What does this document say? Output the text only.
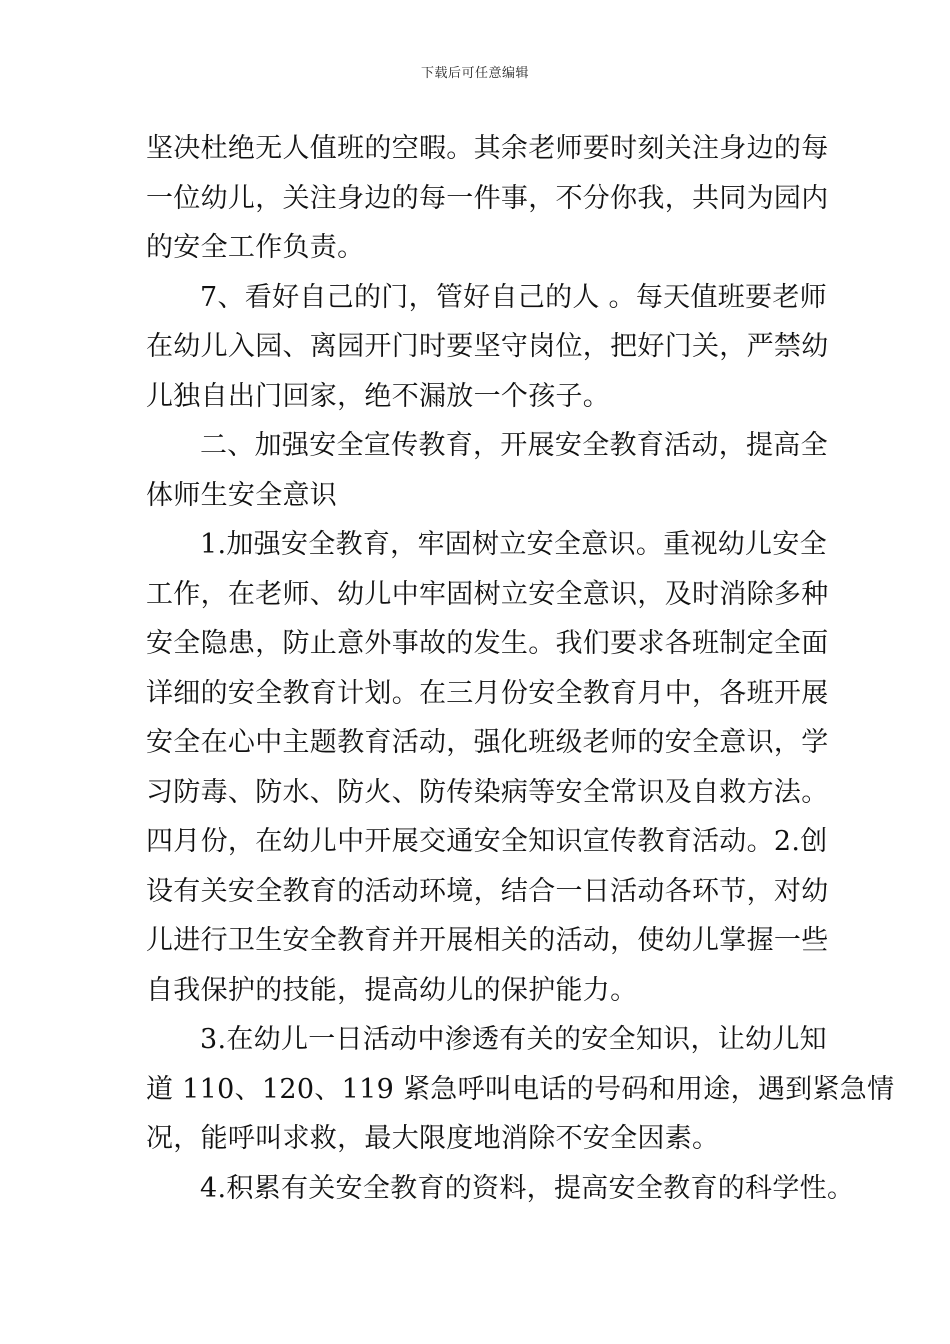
下载后可任意编辑
坚决杜绝无人值班的空暇。其余老师要时刻关注身边的每
一位幼儿，关注身边的每一件事，不分你我，共同为园内
的安全工作负责。
7、看好自己的门，管好自己的人 。每天值班要老师
在幼儿入园、离园开门时要坚守岗位，把好门关，严禁幼
儿独自出门回家，绝不漏放一个孩子。
二、加强安全宣传教育，开展安全教育活动，提高全
体师生安全意识
1.加强安全教育，牢固树立安全意识。重视幼儿安全
工作，在老师、幼儿中牢固树立安全意识，及时消除多种
安全隐患，防止意外事故的发生。我们要求各班制定全面
详细的安全教育计划。在三月份安全教育月中，各班开展
安全在心中主题教育活动，强化班级老师的安全意识，学
习防毒、防水、防火、防传染病等安全常识及自救方法。
四月份，在幼儿中开展交通安全知识宣传教育活动。2.创
设有关安全教育的活动环境，结合一日活动各环节，对幼
儿进行卫生安全教育并开展相关的活动，使幼儿掌握一些
自我保护的技能，提高幼儿的保护能力。
3.在幼儿一日活动中渗透有关的安全知识，让幼儿知
道 110、120、119 紧急呼叫电话的号码和用途，遇到紧急情
况，能呼叫求救，最大限度地消除不安全因素。
4.积累有关安全教育的资料，提高安全教育的科学性。
